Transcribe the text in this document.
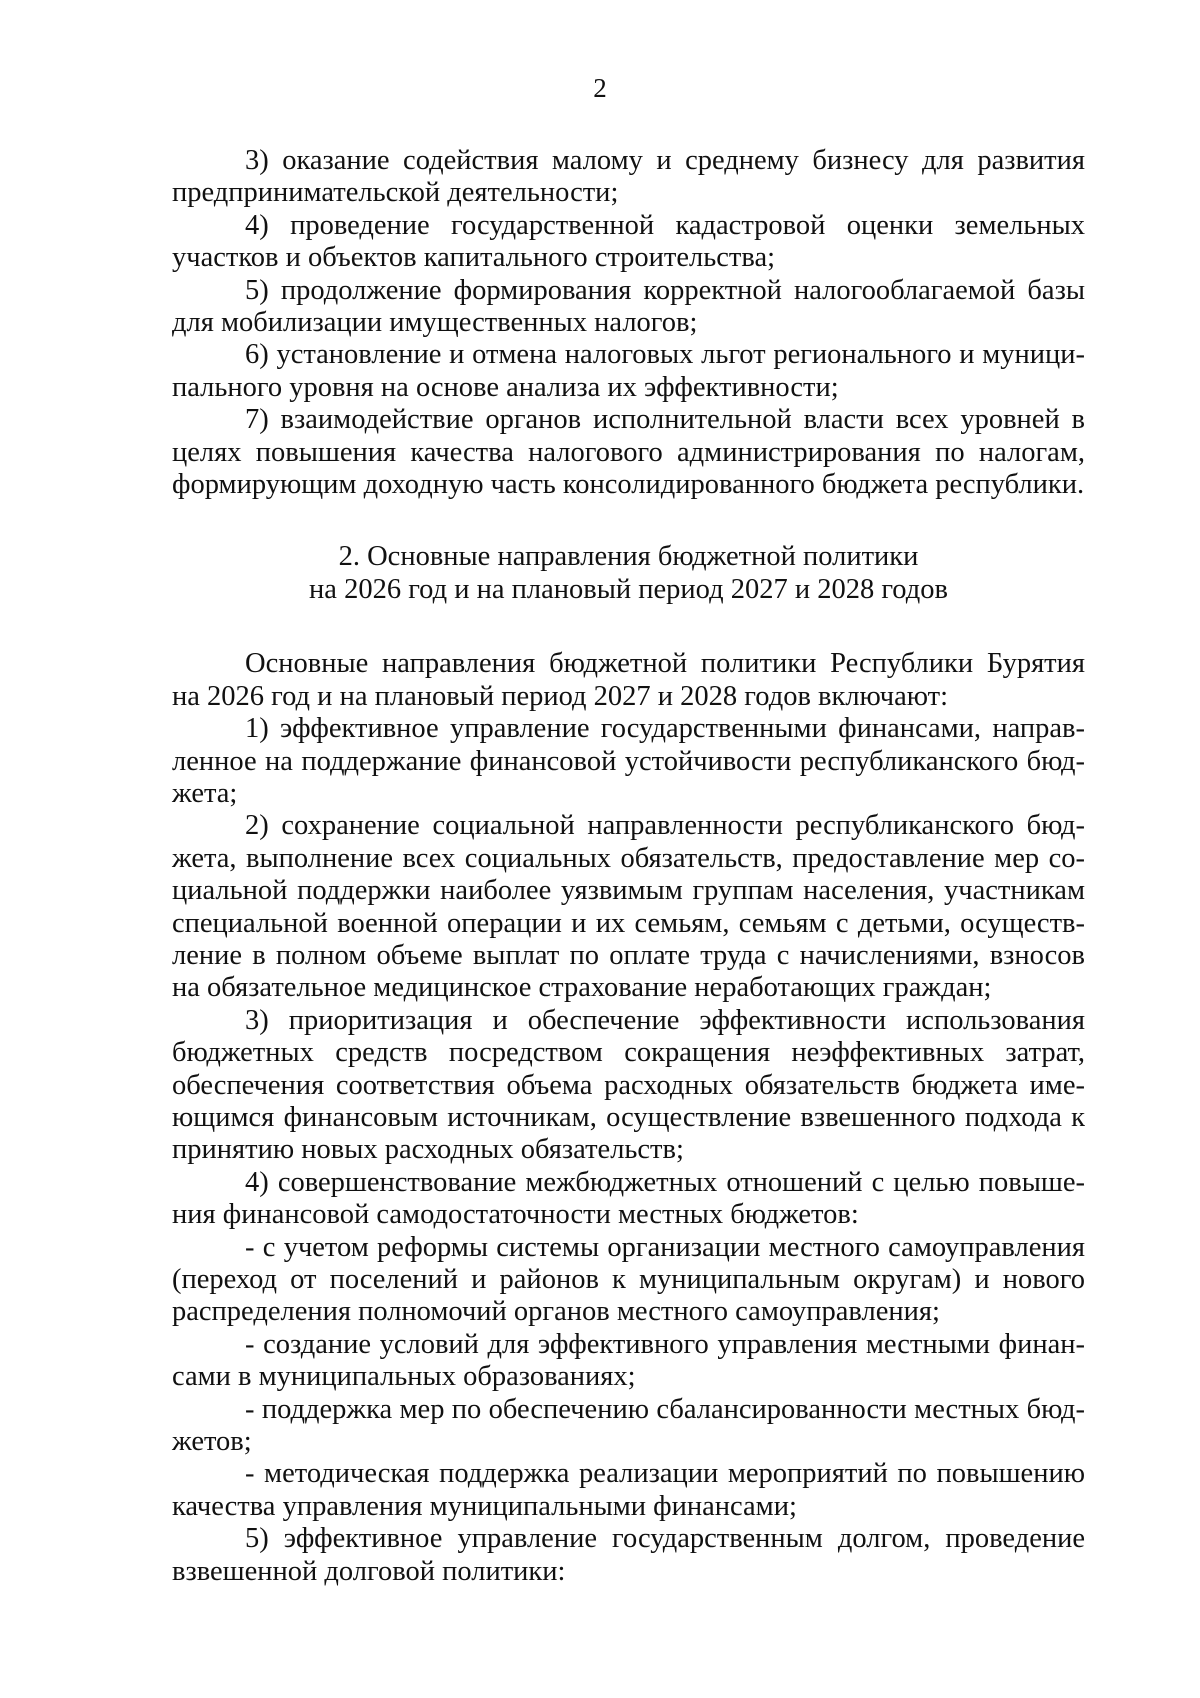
2

3) оказание содействия малому и среднему бизнесу для развития предпринимательской деятельности;

4) проведение государственной кадастровой оценки земельных участков и объектов капитального строительства;

5) продолжение формирования корректной налогооблагаемой базы для мобилизации имущественных налогов;

6) установление и отмена налоговых льгот регионального и муниципального уровня на основе анализа их эффективности;

7) взаимодействие органов исполнительной власти всех уровней в целях повышения качества налогового администрирования по налогам, формирующим доходную часть консолидированного бюджета республики.

2. Основные направления бюджетной политики

на 2026 год и на плановый период 2027 и 2028 годов

Основные направления бюджетной политики Республики Бурятия на 2026 год и на плановый период 2027 и 2028 годов включают:

1) эффективное управление государственными финансами, направленное на поддержание финансовой устойчивости республиканского бюджета;

2) сохранение социальной направленности республиканского бюджета, выполнение всех социальных обязательств, предоставление мер социальной поддержки наиболее уязвимым группам населения, участникам специальной военной операции и их семьям, семьям с детьми, осуществление в полном объеме выплат по оплате труда с начислениями, взносов на обязательное медицинское страхование неработающих граждан;

3) приоритизация и обеспечение эффективности использования бюджетных средств посредством сокращения неэффективных затрат, обеспечения соответствия объема расходных обязательств бюджета имеющимся финансовым источникам, осуществление взвешенного подхода к принятию новых расходных обязательств;

4) совершенствование межбюджетных отношений с целью повышения финансовой самодостаточности местных бюджетов:

- с учетом реформы системы организации местного самоуправления (переход от поселений и районов к муниципальным округам) и нового распределения полномочий органов местного самоуправления;

- создание условий для эффективного управления местными финансами в муниципальных образованиях;

- поддержка мер по обеспечению сбалансированности местных бюджетов;

- методическая поддержка реализации мероприятий по повышению качества управления муниципальными финансами;

5) эффективное управление государственным долгом, проведение взвешенной долговой политики:
